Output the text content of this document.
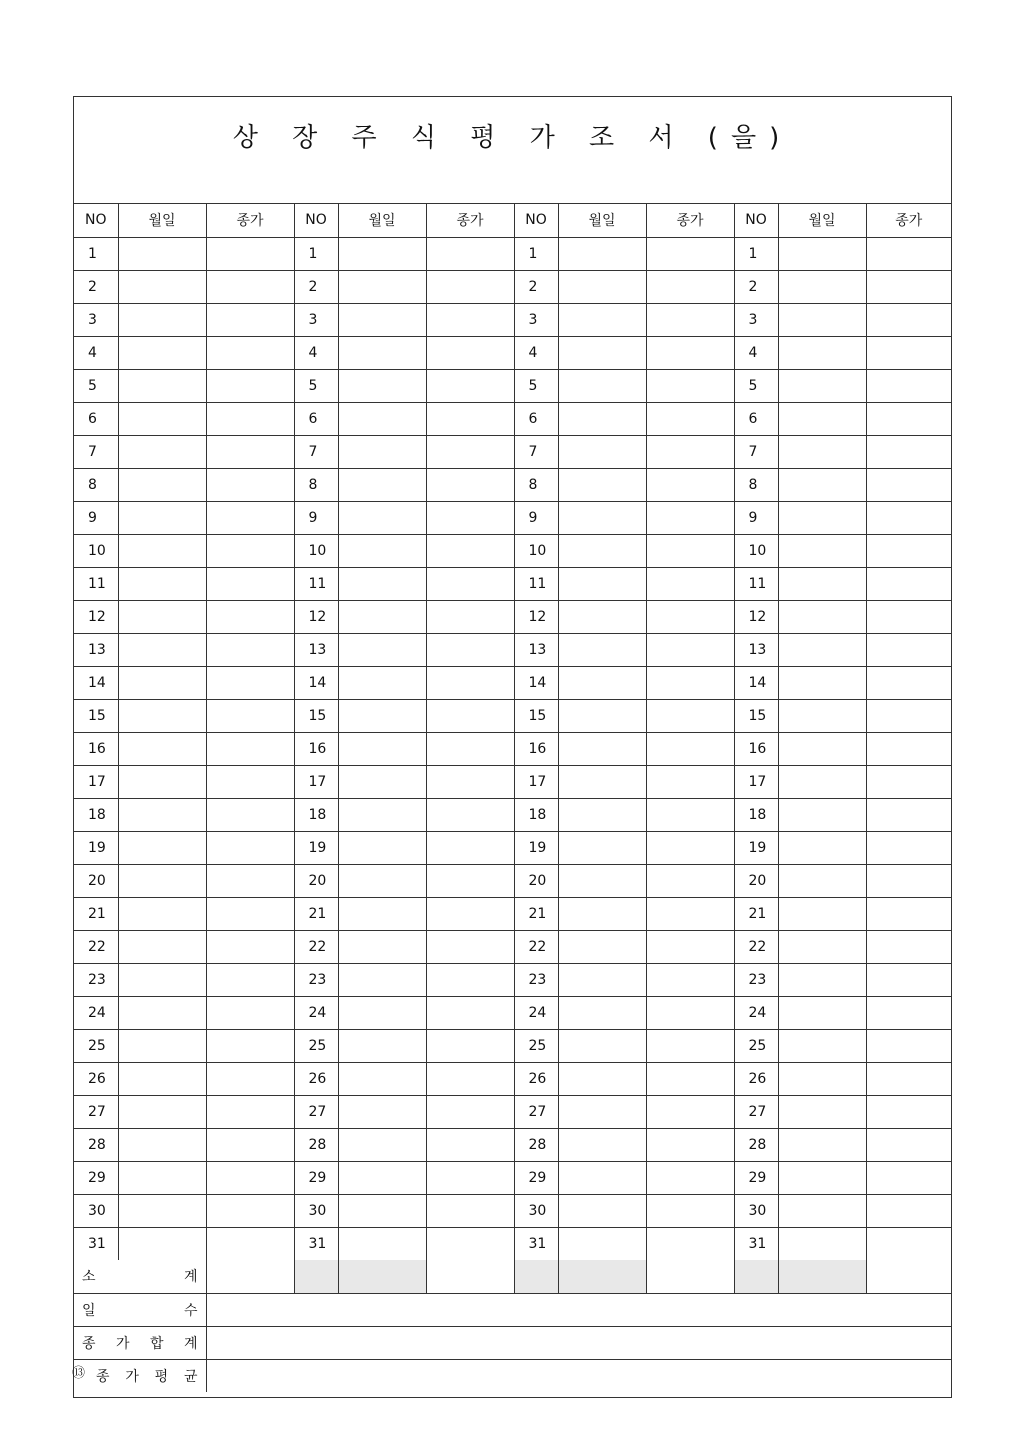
상 장 주 식 평 가 조 서 (을)
NO	월일	종가	NO	월일	종가	NO	월일	종가	NO	월일	종가
1			1			1			1		
2			2			2			2		
3			3			3			3		
4			4			4			4		
5			5			5			5		
6			6			6			6		
7			7			7			7		
8			8			8			8		
9			9			9			9		
10			10			10			10		
11			11			11			11		
12			12			12			12		
13			13			13			13		
14			14			14			14		
15			15			15			15		
16			16			16			16		
17			17			17			17		
18			18			18			18		
19			19			19			19		
20			20			20			20		
21			21			21			21		
22			22			22			22		
23			23			23			23		
24			24			24			24		
25			25			25			25		
26			26			26			26		
27			27			27			27		
28			28			28			28		
29			29			29			29		
30			30			30			30		
31			31			31			31		
소 계											
일 수											
종 가 합 계											

⑬ 종 가 평 균											
